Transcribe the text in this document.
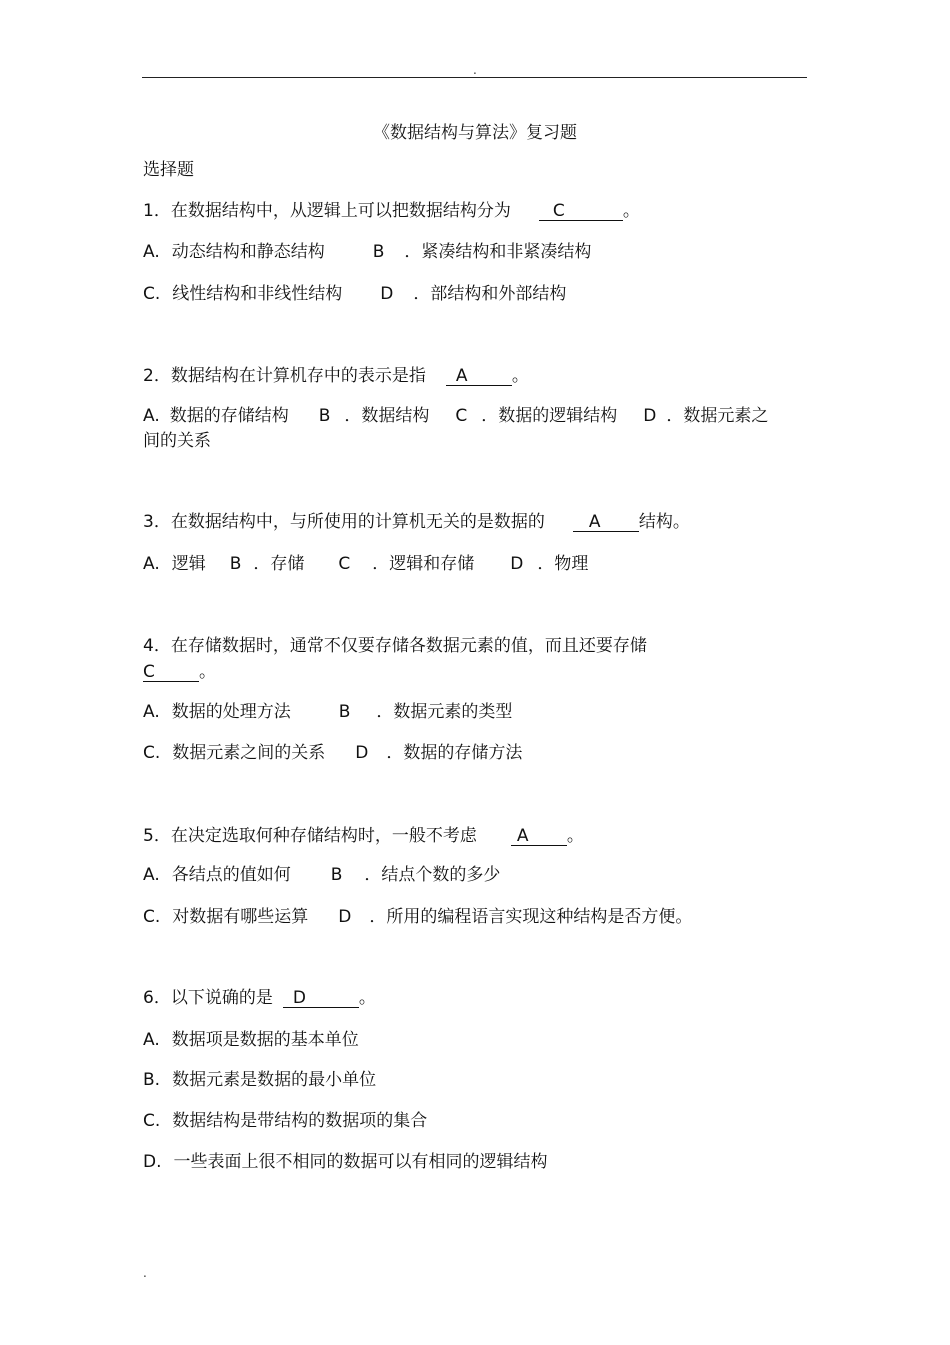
.
《数据结构与算法》复习题
选择题
1．在数据结构中，从逻辑上可以把数据结构分为 C	。
A. 动态结构和静态结构	B ．紧凑结构和非紧凑结构
C. 线性结构和非线性结构 D ．部结构和外部结构
2．数据结构在计算机存中的表示是指 A	。
A. 数据的存储结构 B ．数据结构 C ．数据的逻辑结构 D ．数据元素之
间的关系
3．在数据结构中，与所使用的计算机无关的是数据的	A 结构。
A. 逻辑 B ．存储 C ．逻辑和存储 D ．物理
4．在存储数据时，通常不仅要存储各数据元素的值，而且还要存储
C	。
A. 数据的处理方法	B ．数据元素的类型
C. 数据元素之间的关系 D ．数据的存储方法
5．在决定选取何种存储结构时，一般不考虑 A 。
A. 各结点的值如何 B ．结点个数的多少
C. 对数据有哪些运算 D ．所用的编程语言实现这种结构是否方便。
6．以下说确的是 D	。
A. 数据项是数据的基本单位
B. 数据元素是数据的最小单位
C. 数据结构是带结构的数据项的集合
D. 一些表面上很不相同的数据可以有相同的逻辑结构
.
